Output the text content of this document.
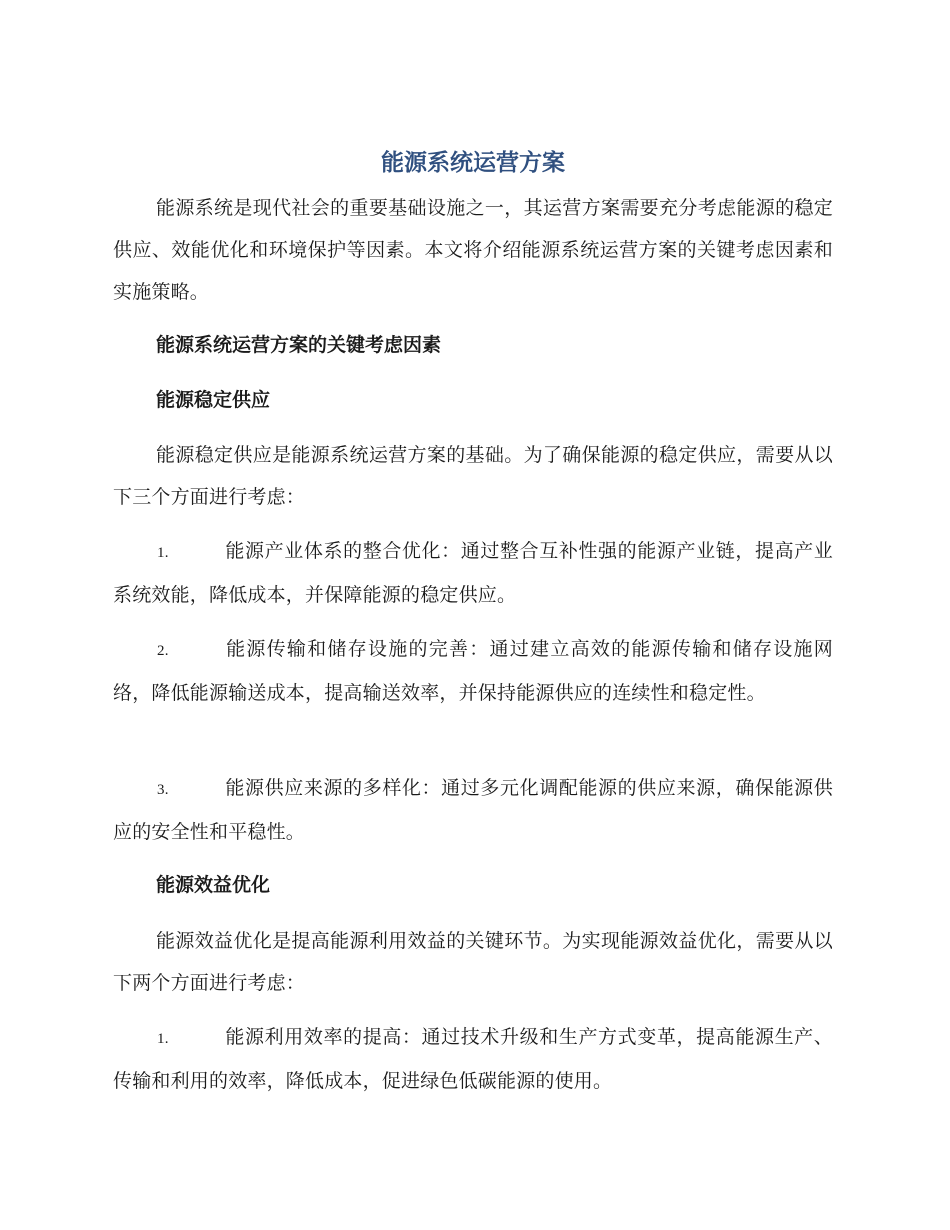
能源系统运营方案

能源系统是现代社会的重要基础设施之一，其运营方案需要充分考虑能源的稳定供应、效能优化和环境保护等因素。本文将介绍能源系统运营方案的关键考虑因素和实施策略。

能源系统运营方案的关键考虑因素
能源稳定供应

能源稳定供应是能源系统运营方案的基础。为了确保能源的稳定供应，需要从以下三个方面进行考虑：

1.	能源产业体系的整合优化：通过整合互补性强的能源产业链，提高产业系统效能，降低成本，并保障能源的稳定供应。

2.	能源传输和储存设施的完善：通过建立高效的能源传输和储存设施网络，降低能源输送成本，提高输送效率，并保持能源供应的连续性和稳定性。

3.	能源供应来源的多样化：通过多元化调配能源的供应来源，确保能源供应的安全性和平稳性。

能源效益优化

能源效益优化是提高能源利用效益的关键环节。为实现能源效益优化，需要从以下两个方面进行考虑：

1.	能源利用效率的提高：通过技术升级和生产方式变革，提高能源生产、传输和利用的效率，降低成本，促进绿色低碳能源的使用。
